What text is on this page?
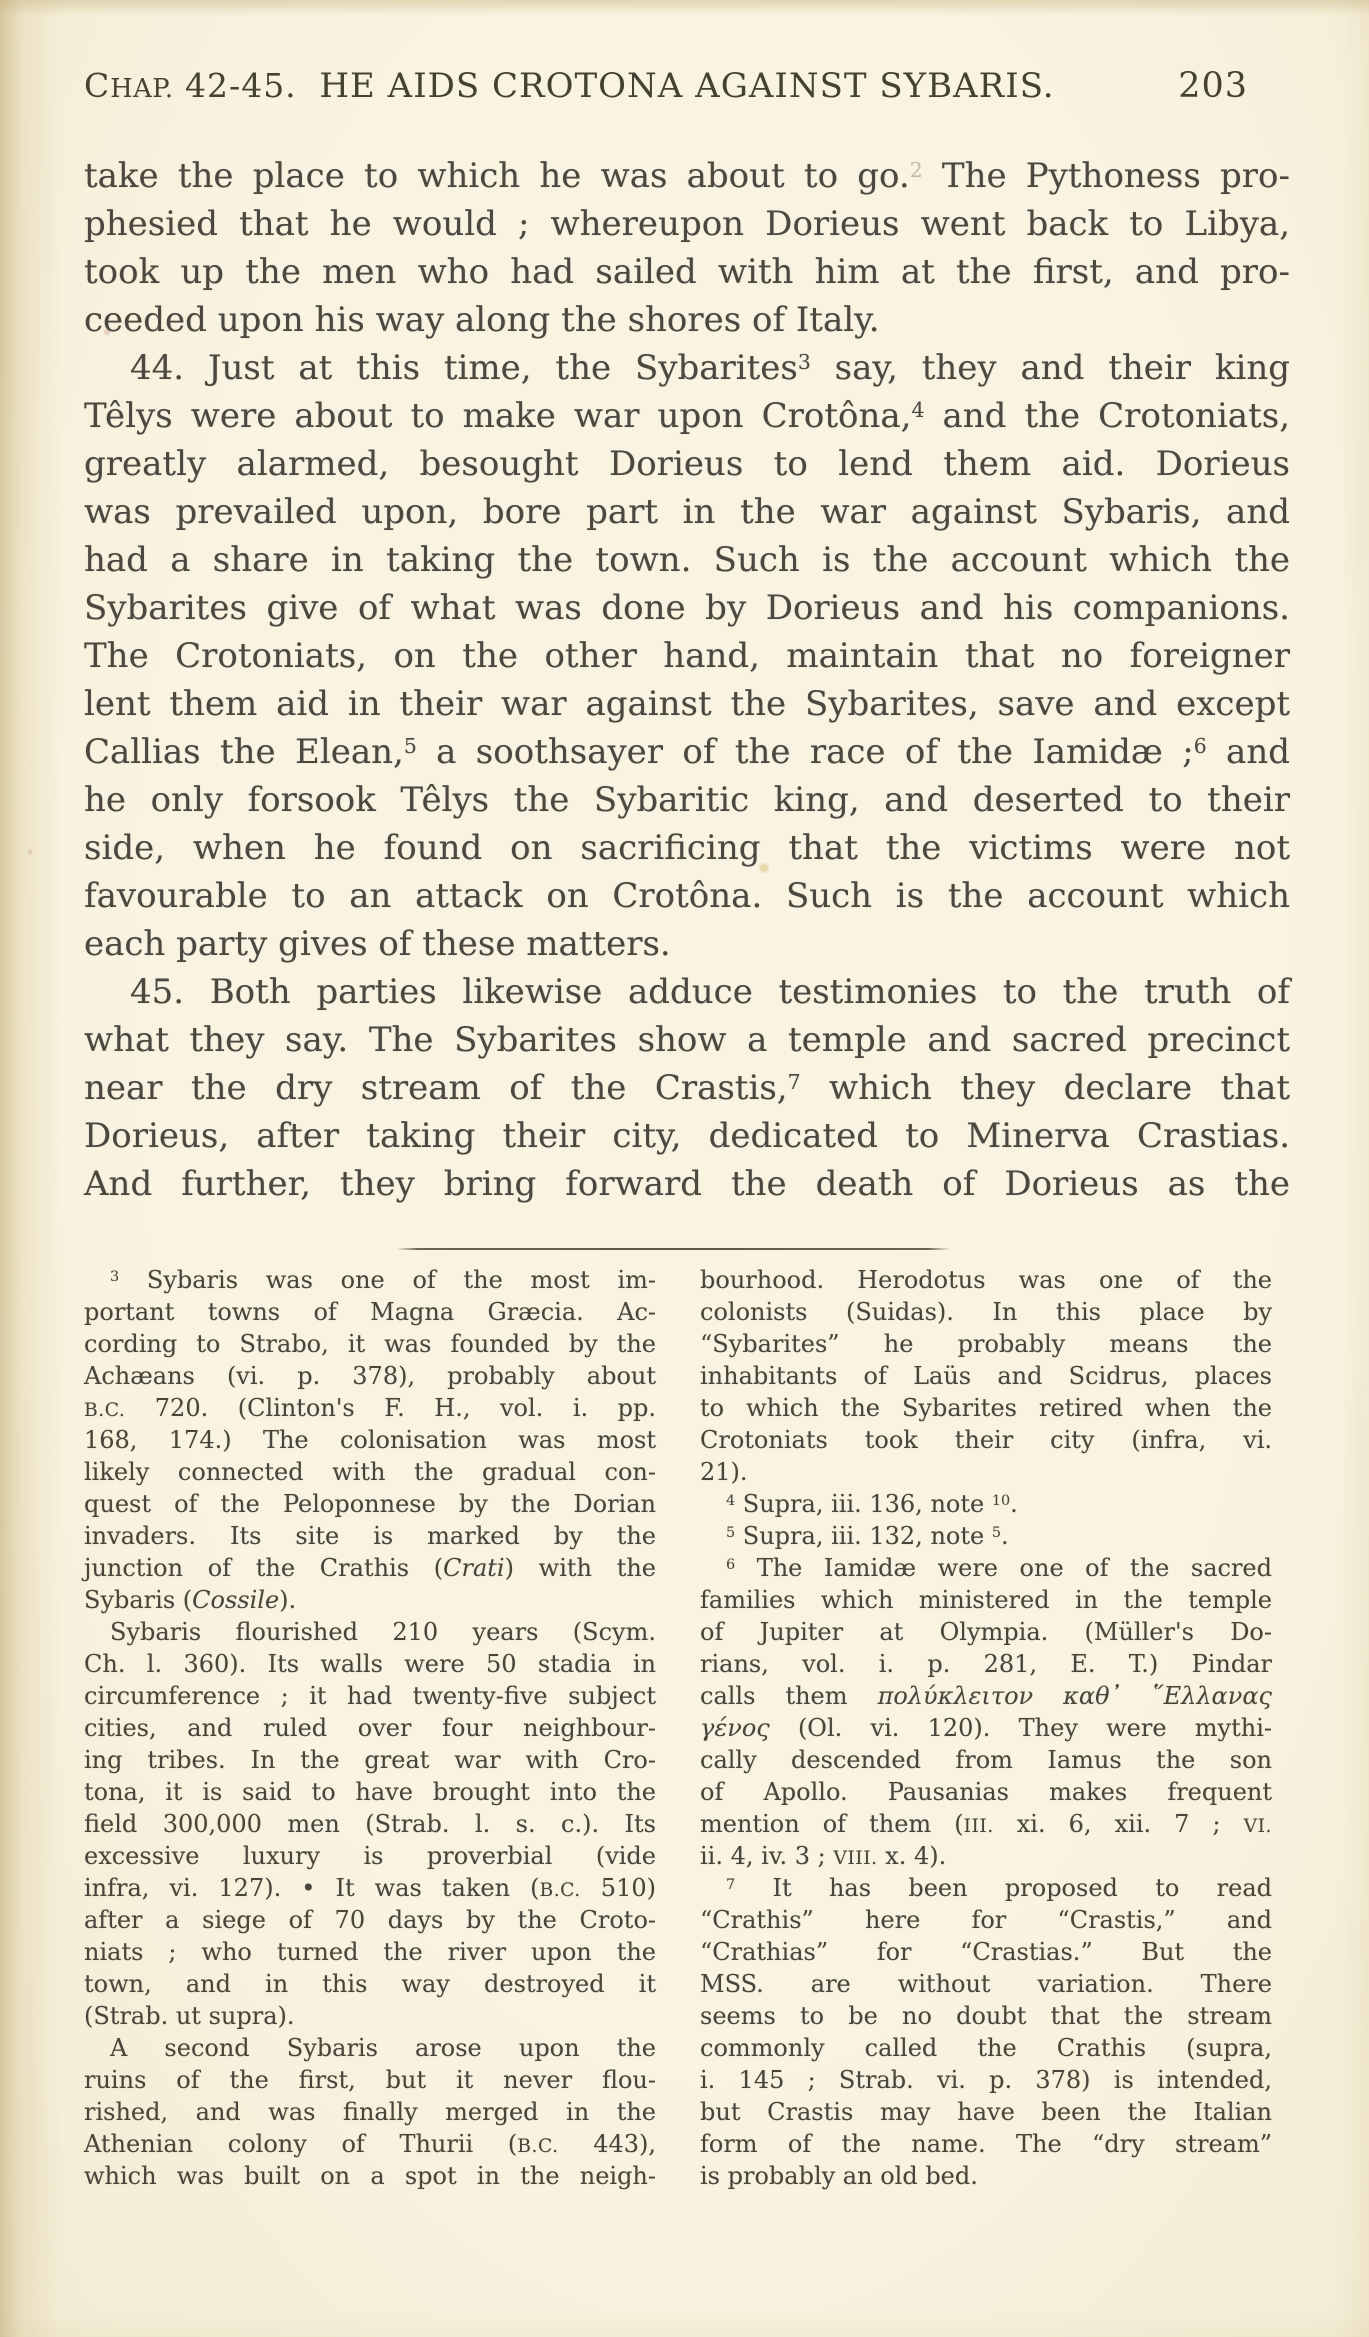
CHAP. 42-45. HE AIDS CROTONA AGAINST SYBARIS.	203
take the place to which he was about to go.$^2$ The Pythoness pro-
phesied that he would ; whereupon Dorieus went back to Libya,
took up the men who had sailed with him at the first, and pro-
ceeded upon his way along the shores of Italy.
44. Just at this time, the Sybarites$^3$ say, they and their king
Têlys were about to make war upon Crotôna,$^4$ and the Crotoniats,
greatly alarmed, besought Dorieus to lend them aid. Dorieus
was prevailed upon, bore part in the war against Sybaris, and
had a share in taking the town. Such is the account which the
Sybarites give of what was done by Dorieus and his companions.
The Crotoniats, on the other hand, maintain that no foreigner
lent them aid in their war against the Sybarites, save and except
Callias the Elean,$^5$ a soothsayer of the race of the Iamidæ ;$^6$ and
he only forsook Têlys the Sybaritic king, and deserted to their
side, when he found on sacrificing that the victims were not
favourable to an attack on Crotôna. Such is the account which
each party gives of these matters.
45. Both parties likewise adduce testimonies to the truth of
what they say. The Sybarites show a temple and sacred precinct
near the dry stream of the Crastis,$^7$ which they declare that
Dorieus, after taking their city, dedicated to Minerva Crastias.
And further, they bring forward the death of Dorieus as the
$^3$ Sybaris was one of the most im-
portant towns of Magna Græcia. Ac-
cording to Strabo, it was founded by the
Achæans (vi. p. 378), probably about
B.C. 720. (Clinton's F. H., vol. i. pp.
168, 174.) The colonisation was most
likely connected with the gradual con-
quest of the Peloponnese by the Dorian
invaders. Its site is marked by the
junction of the Crathis (Crati) with the
Sybaris (Cossile).
Sybaris flourished 210 years (Scym.
Ch. l. 360). Its walls were 50 stadia in
circumference ; it had twenty-five subject
cities, and ruled over four neighbour-
ing tribes. In the great war with Cro-
tona, it is said to have brought into the
field 300,000 men (Strab. l. s. c.). Its
excessive luxury is proverbial (vide
infra, vi. 127). • It was taken (B.C. 510)
after a siege of 70 days by the Croto-
niats ; who turned the river upon the
town, and in this way destroyed it
(Strab. ut supra).
A second Sybaris arose upon the
ruins of the first, but it never flou-
rished, and was finally merged in the
Athenian colony of Thurii (B.C. 443),
which was built on a spot in the neigh-
bourhood. Herodotus was one of the
colonists (Suidas). In this place by
“Sybarites” he probably means the
inhabitants of Laüs and Scidrus, places
to which the Sybarites retired when the
Crotoniats took their city (infra, vi.
21).
$^4$ Supra, iii. 136, note $^{10}$.
$^5$ Supra, iii. 132, note $^5$.
$^6$ The Iamidæ were one of the sacred
families which ministered in the temple
of Jupiter at Olympia. (Müller's Do-
rians, vol. i. p. 281, E. T.) Pindar
calls them πολύκλειτον καθ᾽ ῞Ελλανας
γένος (Ol. vi. 120). They were mythi-
cally descended from Iamus the son
of Apollo. Pausanias makes frequent
mention of them (III. xi. 6, xii. 7 ; VI.
ii. 4, iv. 3 ; VIII. x. 4).
$^7$ It has been proposed to read
“Crathis” here for “Crastis,” and
“Crathias” for “Crastias.” But the
MSS. are without variation. There
seems to be no doubt that the stream
commonly called the Crathis (supra,
i. 145 ; Strab. vi. p. 378) is intended,
but Crastis may have been the Italian
form of the name. The “dry stream”
is probably an old bed.
